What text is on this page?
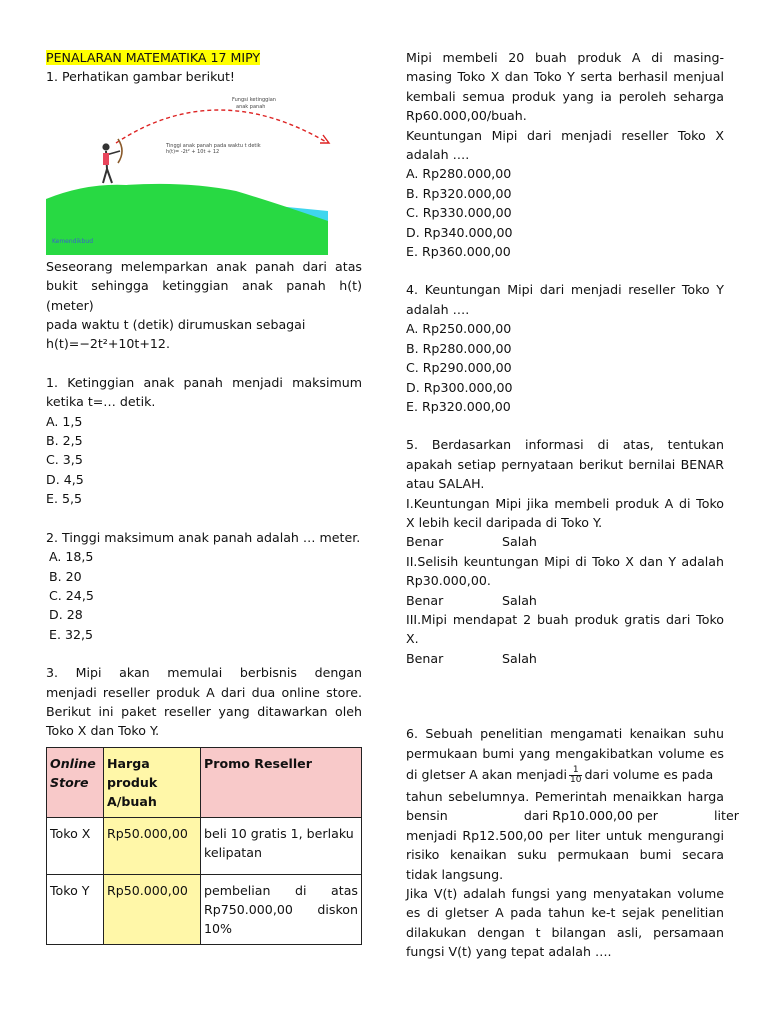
PENALARAN MATEMATIKA 17 MIPY

1. Perhatikan gambar berikut!

Fungsi ketinggian
anak panah
Tinggi anak panah pada waktu t detik
h(t)= -2t² + 10t + 12
Kemendikbud

Seseorang melemparkan anak panah dari atas

bukit sehingga ketinggian anak panah h(t) (meter)

pada waktu t (detik) dirumuskan sebagai

h(t)=−2t²+10t+12.

1. Ketinggian anak panah menjadi maksimum

ketika t=… detik.

A. 1,5

B. 2,5

C. 3,5

D. 4,5

E. 5,5

2. Tinggi maksimum anak panah adalah … meter.

A. 18,5

B. 20

C. 24,5

D. 28

E. 32,5

3. Mipi akan memulai berbisnis dengan

menjadi reseller produk A dari dua online store.

Berikut ini paket reseller yang ditawarkan oleh

Toko X dan Toko Y.

Online Store	Harga produk A/buah	Promo Reseller
Toko X	Rp50.000,00	beli 10 gratis 1, berlaku kelipatan
Toko Y	Rp50.000,00	pembelian di atas Rp750.000,00 diskon 10%

Mipi membeli 20 buah produk A di masing-

masing Toko X dan Toko Y serta berhasil menjual

kembali semua produk yang ia peroleh seharga

Rp60.000,00/buah.

Keuntungan Mipi dari menjadi reseller Toko X

adalah ….

A. Rp280.000,00

B. Rp320.000,00

C. Rp330.000,00

D. Rp340.000,00

E. Rp360.000,00

4. Keuntungan Mipi dari menjadi reseller Toko Y

adalah ….

A. Rp250.000,00

B. Rp280.000,00

C. Rp290.000,00

D. Rp300.000,00

E. Rp320.000,00

5. Berdasarkan informasi di atas, tentukan

apakah setiap pernyataan berikut bernilai BENAR

atau SALAH.

I.Keuntungan Mipi jika membeli produk A di Toko

X lebih kecil daripada di Toko Y.

Benar	Salah

II.Selisih keuntungan Mipi di Toko X dan Y adalah

Rp30.000,00.

Benar	Salah

III.Mipi mendapat 2 buah produk gratis dari Toko

X.

Benar	Salah

6. Sebuah penelitian mengamati kenaikan suhu

permukaan bumi yang mengakibatkan volume es

di gletser A akan menjadi $\frac{1}{10}$ dari volume es pada

tahun sebelumnya. Pemerintah menaikkan harga

bensin                   dari Rp10.000,00 per              liter

menjadi Rp12.500,00 per liter untuk mengurangi

risiko kenaikan suku permukaan bumi secara

tidak langsung.

Jika V(t) adalah fungsi yang menyatakan volume

es di gletser A pada tahun ke-t sejak penelitian

dilakukan dengan t bilangan asli, persamaan

fungsi V(t) yang tepat adalah ….
